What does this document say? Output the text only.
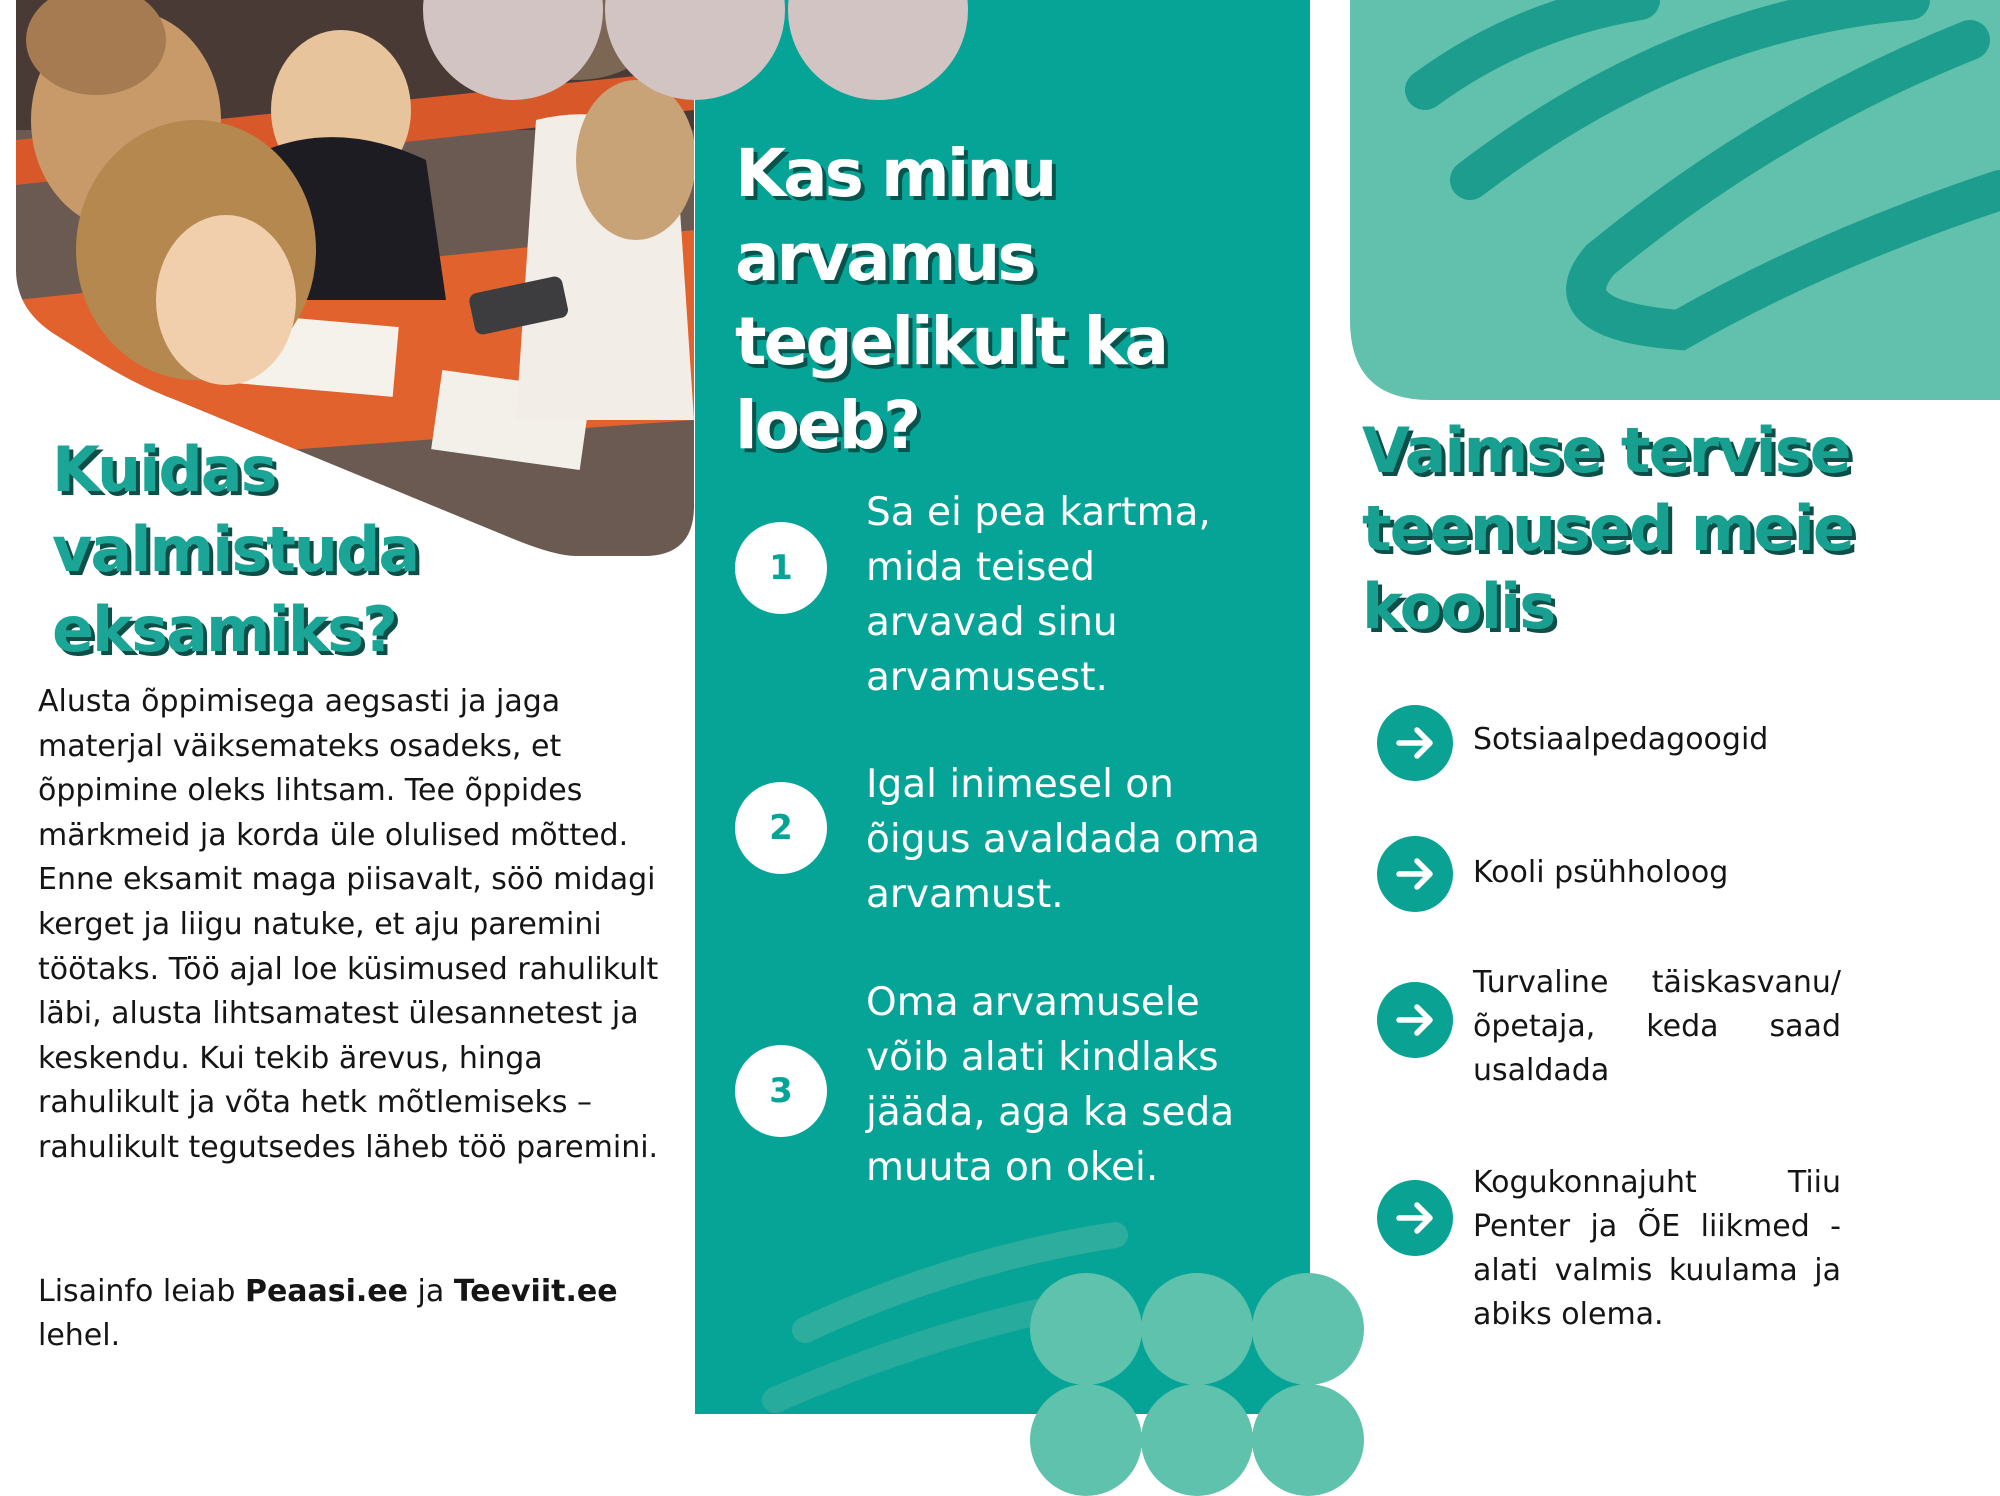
Kuidas
valmistuda
eksamiks?

Alusta õppimisega aegsasti ja jaga materjal väiksemateks osadeks, et õppimine oleks lihtsam. Tee õppides märkmeid ja korda üle olulised mõtted. Enne eksamit maga piisavalt, söö midagi kerget ja liigu natuke, et aju paremini töötaks. Töö ajal loe küsimused rahulikult läbi, alusta lihtsamatest ülesannetest ja keskendu. Kui tekib ärevus, hinga rahulikult ja võta hetk mõtlemiseks – rahulikult tegutsedes läheb töö paremini.

Lisainfo leiab Peaasi.ee ja Teeviit.ee lehel.

Kas minu
arvamus
tegelikult ka
loeb?
1

Sa ei pea kartma, mida teised arvavad sinu arvamusest.

2

Igal inimesel on õigus avaldada oma arvamust.

3

Oma arvamusele võib alati kindlaks jääda, aga ka seda muuta on okei.

Vaimse tervise
teenused meie
koolis

Sotsiaalpedagoogid

Kooli psühholoog

Turvaline täiskasvanu/ õpetaja, keda saad usaldada

Kogukonnajuht Tiiu Penter ja ÕE liikmed - alati valmis kuulama ja abiks olema.
